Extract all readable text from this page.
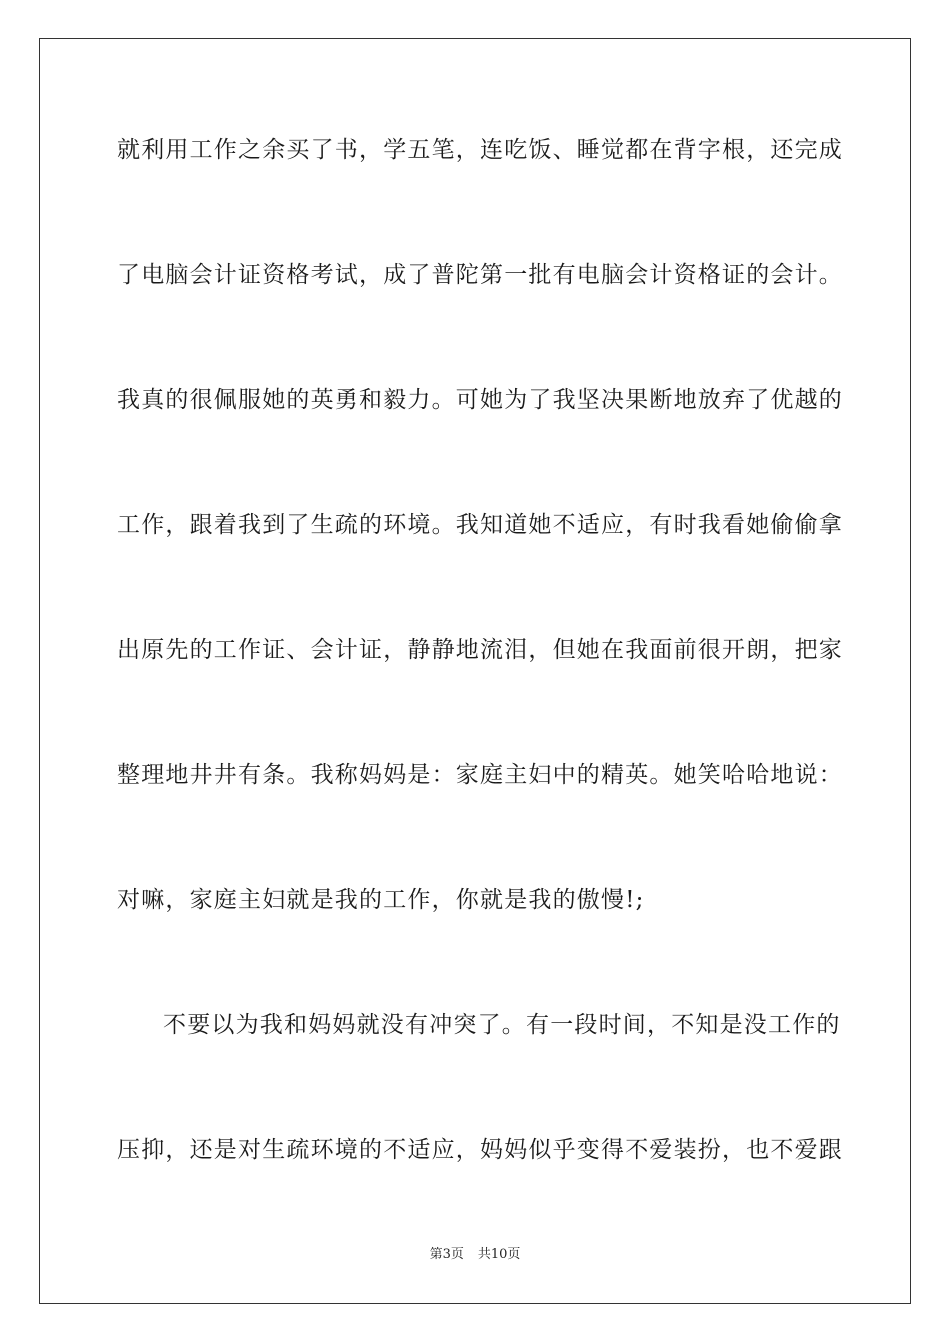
就利用工作之余买了书，学五笔，连吃饭、睡觉都在背字根，还完成
了电脑会计证资格考试，成了普陀第一批有电脑会计资格证的会计。
我真的很佩服她的英勇和毅力。可她为了我坚决果断地放弃了优越的
工作，跟着我到了生疏的环境。我知道她不适应，有时我看她偷偷拿
出原先的工作证、会计证，静静地流泪，但她在我面前很开朗，把家
整理地井井有条。我称妈妈是：家庭主妇中的精英。她笑哈哈地说：
对嘛，家庭主妇就是我的工作，你就是我的傲慢!;
不要以为我和妈妈就没有冲突了。有一段时间，不知是没工作的
压抑，还是对生疏环境的不适应，妈妈似乎变得不爱装扮，也不爱跟
第3页 共10页
